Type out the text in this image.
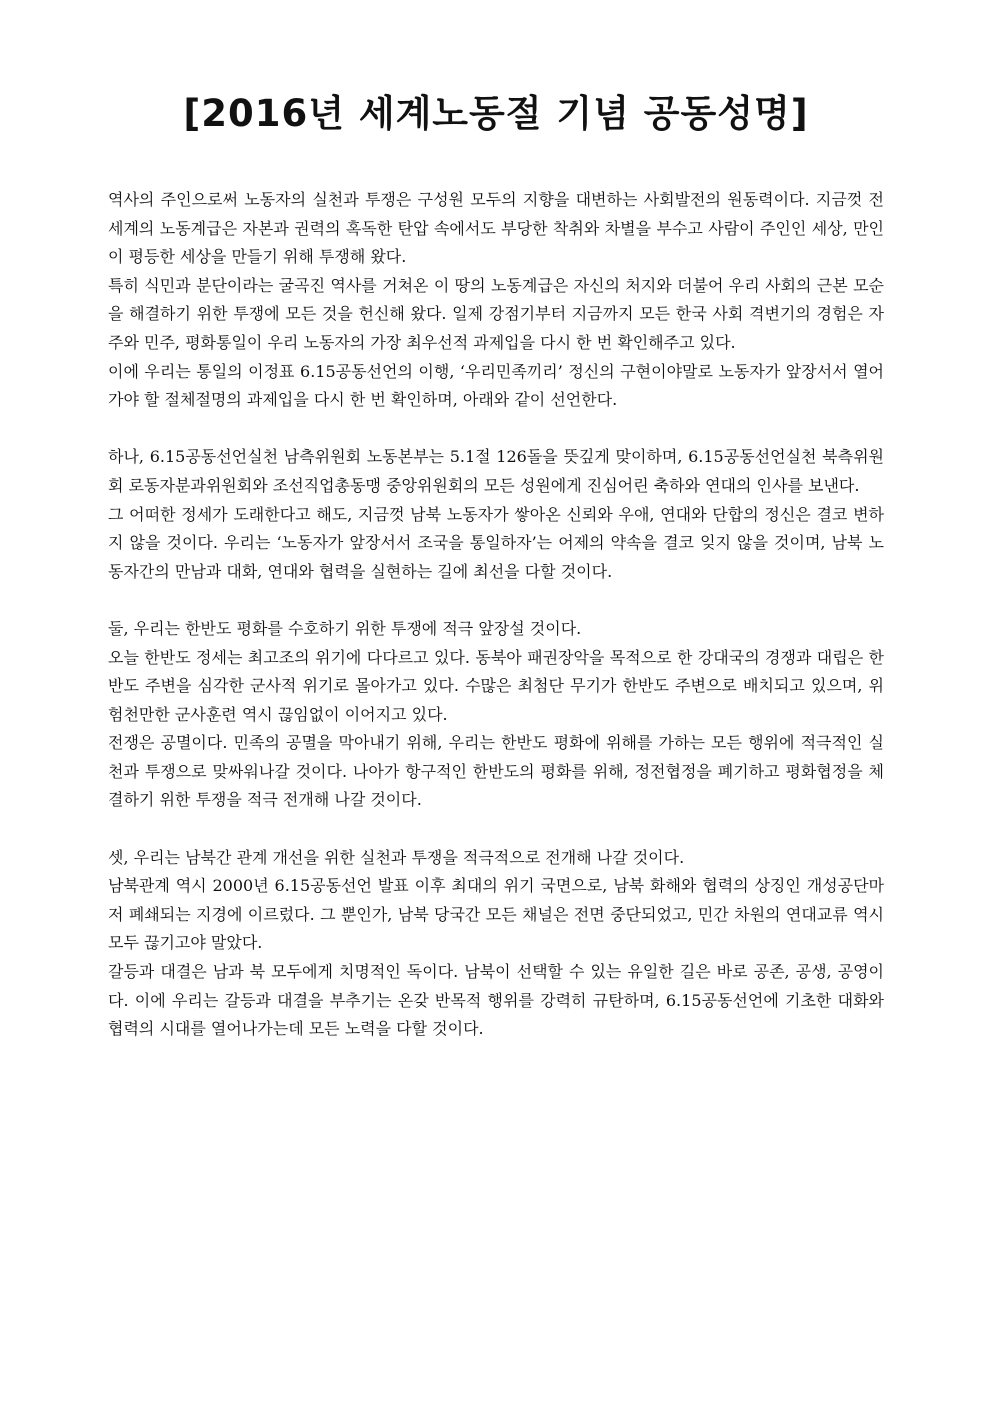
[2016년 세계노동절 기념 공동성명]

역사의 주인으로써 노동자의 실천과 투쟁은 구성원 모두의 지향을 대변하는 사회발전의 원동력이다. 지금껏 전세계의 노동계급은 자본과 권력의 혹독한 탄압 속에서도 부당한 착취와 차별을 부수고 사람이 주인인 세상, 만인이 평등한 세상을 만들기 위해 투쟁해 왔다.

특히 식민과 분단이라는 굴곡진 역사를 거쳐온 이 땅의 노동계급은 자신의 처지와 더불어 우리 사회의 근본 모순을 해결하기 위한 투쟁에 모든 것을 헌신해 왔다. 일제 강점기부터 지금까지 모든 한국 사회 격변기의 경험은 자주와 민주, 평화통일이 우리 노동자의 가장 최우선적 과제입을 다시 한 번 확인해주고 있다.

이에 우리는 통일의 이정표 6.15공동선언의 이행, ‘우리민족끼리’ 정신의 구현이야말로 노동자가 앞장서서 열어가야 할 절체절명의 과제입을 다시 한 번 확인하며, 아래와 같이 선언한다.

하나, 6.15공동선언실천 남측위원회 노동본부는 5.1절 126돌을 뜻깊게 맞이하며, 6.15공동선언실천 북측위원회 로동자분과위원회와 조선직업총동맹 중앙위원회의 모든 성원에게 진심어린 축하와 연대의 인사를 보낸다.

그 어떠한 정세가 도래한다고 해도, 지금껏 남북 노동자가 쌓아온 신뢰와 우애, 연대와 단합의 정신은 결코 변하지 않을 것이다. 우리는 ‘노동자가 앞장서서 조국을 통일하자’는 어제의 약속을 결코 잊지 않을 것이며, 남북 노동자간의 만남과 대화, 연대와 협력을 실현하는 길에 최선을 다할 것이다.

둘, 우리는 한반도 평화를 수호하기 위한 투쟁에 적극 앞장설 것이다.

오늘 한반도 정세는 최고조의 위기에 다다르고 있다. 동북아 패권장악을 목적으로 한 강대국의 경쟁과 대립은 한반도 주변을 심각한 군사적 위기로 몰아가고 있다. 수많은 최첨단 무기가 한반도 주변으로 배치되고 있으며, 위험천만한 군사훈련 역시 끊임없이 이어지고 있다.

전쟁은 공멸이다. 민족의 공멸을 막아내기 위해, 우리는 한반도 평화에 위해를 가하는 모든 행위에 적극적인 실천과 투쟁으로 맞싸워나갈 것이다. 나아가 항구적인 한반도의 평화를 위해, 정전협정을 폐기하고 평화협정을 체결하기 위한 투쟁을 적극 전개해 나갈 것이다.

셋, 우리는 남북간 관계 개선을 위한 실천과 투쟁을 적극적으로 전개해 나갈 것이다.

남북관계 역시 2000년 6.15공동선언 발표 이후 최대의 위기 국면으로, 남북 화해와 협력의 상징인 개성공단마저 폐쇄되는 지경에 이르렀다. 그 뿐인가, 남북 당국간 모든 채널은 전면 중단되었고, 민간 차원의 연대교류 역시 모두 끊기고야 말았다.

갈등과 대결은 남과 북 모두에게 치명적인 독이다. 남북이 선택할 수 있는 유일한 길은 바로 공존, 공생, 공영이다. 이에 우리는 갈등과 대결을 부추기는 온갖 반목적 행위를 강력히 규탄하며, 6.15공동선언에 기초한 대화와 협력의 시대를 열어나가는데 모든 노력을 다할 것이다.
